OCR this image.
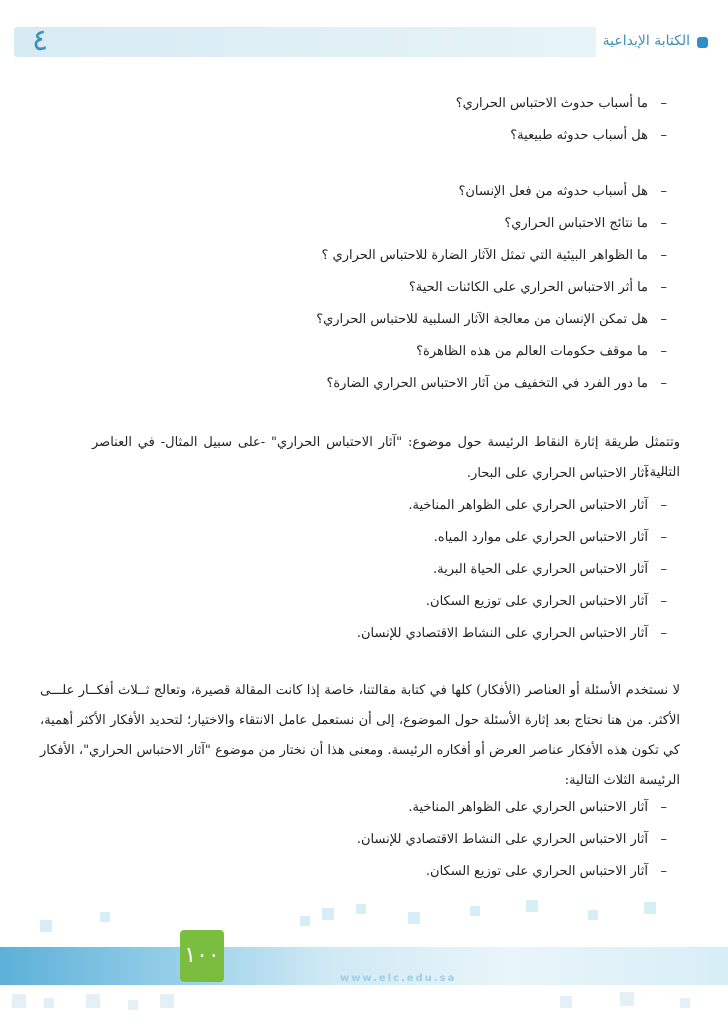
٤	الكتابة الإبداعية
– ما أسباب حدوث الاحتباس الحراري؟
– هل أسباب حدوثه طبيعية؟
– هل أسباب حدوثه من فعل الإنسان؟
– ما نتائج الاحتباس الحراري؟
– ما الظواهر البيئية التي تمثل الآثار الضارة للاحتباس الحراري ؟
– ما أثر الاحتباس الحراري على الكائنات الحية؟
– هل تمكن الإنسان من معالجة الآثار السلبية للاحتباس الحراري؟
– ما موقف حكومات العالم من هذه الظاهرة؟
– ما دور الفرد في التخفيف من آثار الاحتباس الحراري الضارة؟
وتتمثل طريقة إثارة النقاط الرئيسة حول موضوع: "آثار الاحتباس الحراري" -على سبيل المثال- في العناصر التالية:
– آثار الاحتباس الحراري على البحار.
– آثار الاحتباس الحراري على الظواهر المناخية.
– آثار الاحتباس الحراري على موارد المياه.
– آثار الاحتباس الحراري على الحياة البرية.
– آثار الاحتباس الحراري على توزيع السكان.
– آثار الاحتباس الحراري على النشاط الاقتصادي للإنسان.
لا نستخدم الأسئلة أو العناصر (الأفكار) كلها في كتابة مقالتنا، خاصة إذا كانت المقالة قصيرة، وتعالج ثــلاث أفكــار علـــى الأكثر. من هنا نحتاج بعد إثارة الأسئلة حول الموضوع، إلى أن نستعمل عامل الانتقاء والاختيار؛ لتحديد الأفكار الأكثر أهمية، كي تكون هذه الأفكار عناصر العرض أو أفكاره الرئيسة. ومعنى هذا أن نختار من موضوع "آثار الاحتباس الحراري"، الأفكار الرئيسة الثلاث التالية:
– آثار الاحتباس الحراري على الظواهر المناخية.
– آثار الاحتباس الحراري على النشاط الاقتصادي للإنسان.
– آثار الاحتباس الحراري على توزيع السكان.
١٠٠
www.elc.edu.sa
